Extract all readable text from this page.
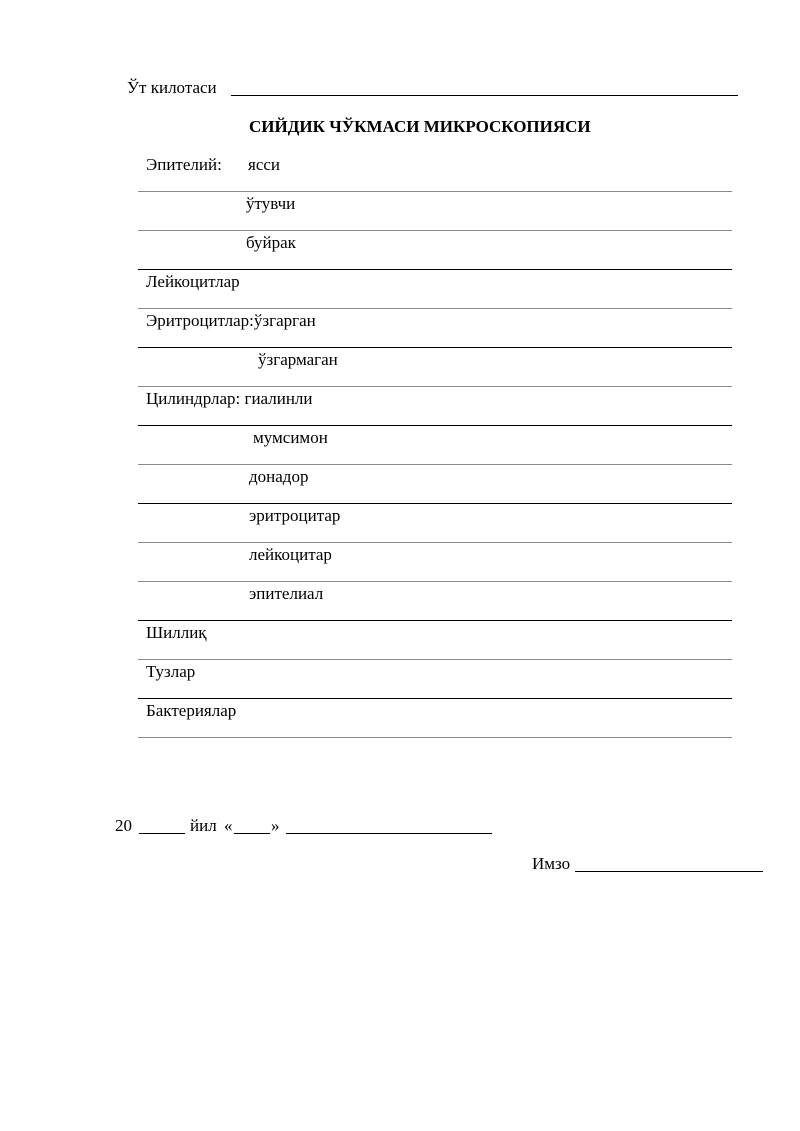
Ўт килотаси
СИЙДИК ЧЎКМАСИ МИКРОСКОПИЯСИ
Эпителий: ясси
ўтувчи
буйрак
Лейкоцитлар
Эритроцитлар:ўзгарган
ўзгармаган
Цилиндрлар: гиалинли
мумсимон
донадор
эритроцитар
лейкоцитар
эпителиал
Шиллиқ
Тузлар
Бактериялар
20	йил « »
Имзо
